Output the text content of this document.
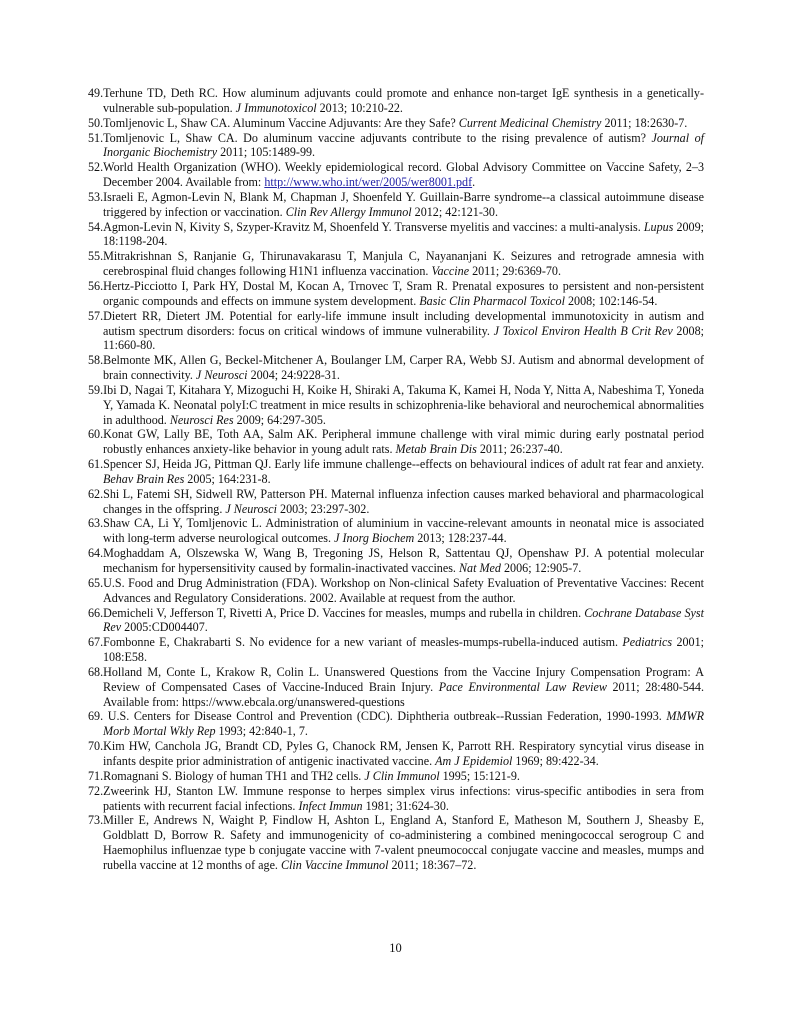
49.Terhune TD, Deth RC. How aluminum adjuvants could promote and enhance non-target IgE synthesis in a genetically-vulnerable sub-population. J Immunotoxicol 2013; 10:210-22.

50.Tomljenovic L, Shaw CA. Aluminum Vaccine Adjuvants: Are they Safe? Current Medicinal Chemistry 2011; 18:2630-7.

51.Tomljenovic L, Shaw CA. Do aluminum vaccine adjuvants contribute to the rising prevalence of autism? Journal of Inorganic Biochemistry 2011; 105:1489-99.

52.World Health Organization (WHO). Weekly epidemiological record. Global Advisory Committee on Vaccine Safety, 2–3 December 2004. Available from: http://www.who.int/wer/2005/wer8001.pdf.

53.Israeli E, Agmon-Levin N, Blank M, Chapman J, Shoenfeld Y. Guillain-Barre syndrome--a classical autoimmune disease triggered by infection or vaccination. Clin Rev Allergy Immunol 2012; 42:121-30.

54.Agmon-Levin N, Kivity S, Szyper-Kravitz M, Shoenfeld Y. Transverse myelitis and vaccines: a multi-analysis. Lupus 2009; 18:1198-204.

55.Mitrakrishnan S, Ranjanie G, Thirunavakarasu T, Manjula C, Nayananjani K. Seizures and retrograde amnesia with cerebrospinal fluid changes following H1N1 influenza vaccination. Vaccine 2011; 29:6369-70.

56.Hertz-Picciotto I, Park HY, Dostal M, Kocan A, Trnovec T, Sram R. Prenatal exposures to persistent and non-persistent organic compounds and effects on immune system development. Basic Clin Pharmacol Toxicol 2008; 102:146-54.

57.Dietert RR, Dietert JM. Potential for early-life immune insult including developmental immunotoxicity in autism and autism spectrum disorders: focus on critical windows of immune vulnerability. J Toxicol Environ Health B Crit Rev 2008; 11:660-80.

58.Belmonte MK, Allen G, Beckel-Mitchener A, Boulanger LM, Carper RA, Webb SJ. Autism and abnormal development of brain connectivity. J Neurosci 2004; 24:9228-31.

59.Ibi D, Nagai T, Kitahara Y, Mizoguchi H, Koike H, Shiraki A, Takuma K, Kamei H, Noda Y, Nitta A, Nabeshima T, Yoneda Y, Yamada K. Neonatal polyI:C treatment in mice results in schizophrenia-like behavioral and neurochemical abnormalities in adulthood. Neurosci Res 2009; 64:297-305.

60.Konat GW, Lally BE, Toth AA, Salm AK. Peripheral immune challenge with viral mimic during early postnatal period robustly enhances anxiety-like behavior in young adult rats. Metab Brain Dis 2011; 26:237-40.

61.Spencer SJ, Heida JG, Pittman QJ. Early life immune challenge--effects on behavioural indices of adult rat fear and anxiety. Behav Brain Res 2005; 164:231-8.

62.Shi L, Fatemi SH, Sidwell RW, Patterson PH. Maternal influenza infection causes marked behavioral and pharmacological changes in the offspring. J Neurosci 2003; 23:297-302.

63.Shaw CA, Li Y, Tomljenovic L. Administration of aluminium in vaccine-relevant amounts in neonatal mice is associated with long-term adverse neurological outcomes. J Inorg Biochem 2013; 128:237-44.

64.Moghaddam A, Olszewska W, Wang B, Tregoning JS, Helson R, Sattentau QJ, Openshaw PJ. A potential molecular mechanism for hypersensitivity caused by formalin-inactivated vaccines. Nat Med 2006; 12:905-7.

65.U.S. Food and Drug Administration (FDA). Workshop on Non-clinical Safety Evaluation of Preventative Vaccines: Recent Advances and Regulatory Considerations. 2002. Available at request from the author.

66.Demicheli V, Jefferson T, Rivetti A, Price D. Vaccines for measles, mumps and rubella in children. Cochrane Database Syst Rev 2005:CD004407.

67.Fombonne E, Chakrabarti S. No evidence for a new variant of measles-mumps-rubella-induced autism. Pediatrics 2001; 108:E58.

68.Holland M, Conte L, Krakow R, Colin L. Unanswered Questions from the Vaccine Injury Compensation Program: A Review of Compensated Cases of Vaccine-Induced Brain Injury. Pace Environmental Law Review 2011; 28:480-544. Available from: https://www.ebcala.org/unanswered-questions

69. U.S. Centers for Disease Control and Prevention (CDC). Diphtheria outbreak--Russian Federation, 1990-1993. MMWR Morb Mortal Wkly Rep 1993; 42:840-1, 7.

70.Kim HW, Canchola JG, Brandt CD, Pyles G, Chanock RM, Jensen K, Parrott RH. Respiratory syncytial virus disease in infants despite prior administration of antigenic inactivated vaccine. Am J Epidemiol 1969; 89:422-34.

71.Romagnani S. Biology of human TH1 and TH2 cells. J Clin Immunol 1995; 15:121-9.

72.Zweerink HJ, Stanton LW. Immune response to herpes simplex virus infections: virus-specific antibodies in sera from patients with recurrent facial infections. Infect Immun 1981; 31:624-30.

73.Miller E, Andrews N, Waight P, Findlow H, Ashton L, England A, Stanford E, Matheson M, Southern J, Sheasby E, Goldblatt D, Borrow R. Safety and immunogenicity of co-administering a combined meningococcal serogroup C and Haemophilus influenzae type b conjugate vaccine with 7-valent pneumococcal conjugate vaccine and measles, mumps and rubella vaccine at 12 months of age. Clin Vaccine Immunol 2011; 18:367–72.

10
